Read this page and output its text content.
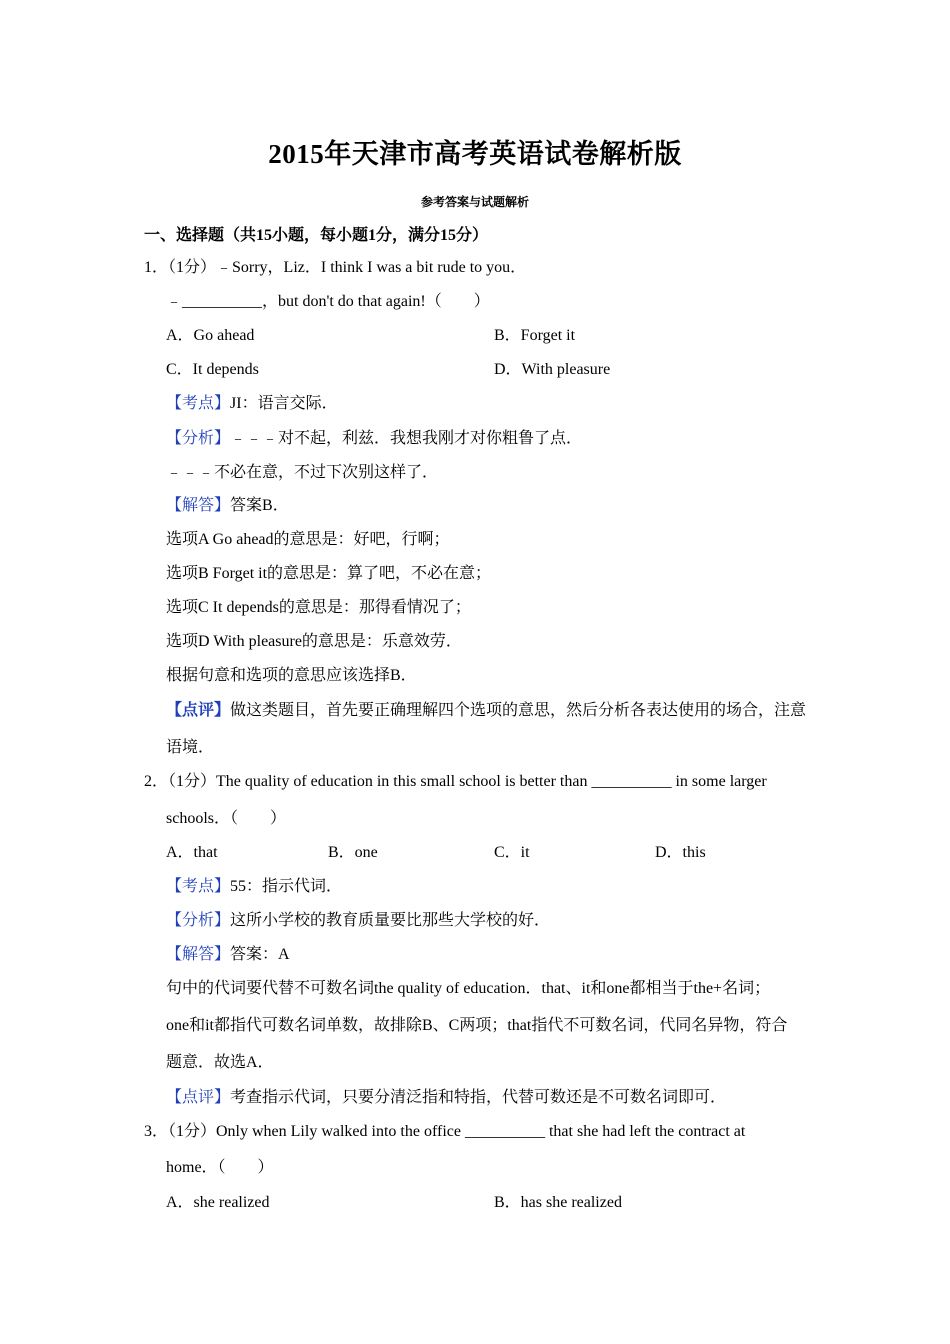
2015年天津市高考英语试卷解析版
参考答案与试题解析
一、选择题（共15小题，每小题1分，满分15分）
1．（1分）﹣Sorry，Liz．I think I was a bit rude to you．
﹣__________，but don't do that again!（　　）
A．Go ahead	B．Forget it
C．It depends	D．With pleasure
【考点】JI：语言交际．
【分析】﹣﹣﹣对不起，利兹．我想我刚才对你粗鲁了点．
﹣﹣﹣不必在意，不过下次别这样了．
【解答】答案B．
选项A Go ahead的意思是：好吧，行啊；
选项B Forget it的意思是：算了吧，不必在意；
选项C It depends的意思是：那得看情况了；
选项D With pleasure的意思是：乐意效劳．
根据句意和选项的意思应该选择B．
【点评】做这类题目，首先要正确理解四个选项的意思，然后分析各表达使用的场合，注意
语境．
2．（1分）The quality of education in this small school is better than __________ in some larger
schools．（　　）
A．that	B．one	C．it	D．this
【考点】55：指示代词．
【分析】这所小学校的教育质量要比那些大学校的好．
【解答】答案：A
句中的代词要代替不可数名词the quality of education．that、it和one都相当于the+名词；
one和it都指代可数名词单数，故排除B、C两项；that指代不可数名词，代同名异物，符合
题意．故选A．
【点评】考查指示代词，只要分清泛指和特指，代替可数还是不可数名词即可．
3．（1分）Only when Lily walked into the office __________ that she had left the contract at
home．（　　）
A．she realized	B．has she realized
